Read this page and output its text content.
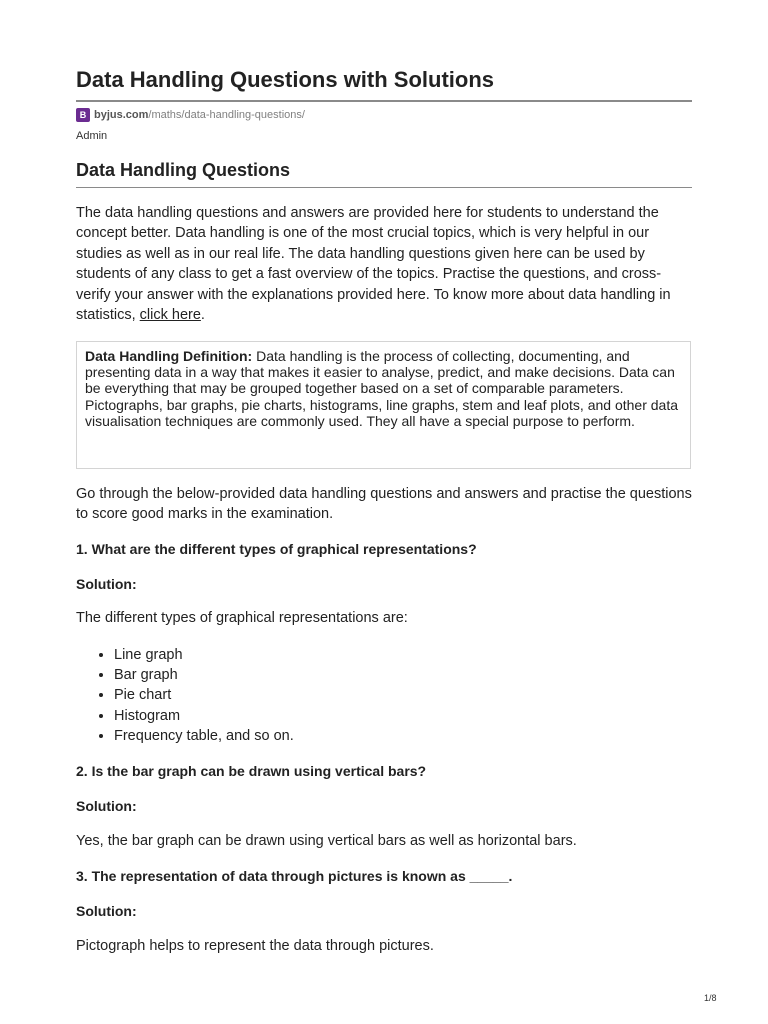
Data Handling Questions with Solutions
B byjus.com /maths/data-handling-questions/
Admin
Data Handling Questions

The data handling questions and answers are provided here for students to understand the concept better. Data handling is one of the most crucial topics, which is very helpful in our studies as well as in our real life. The data handling questions given here can be used by students of any class to get a fast overview of the topics. Practise the questions, and cross-verify your answer with the explanations provided here. To know more about data handling in statistics, click here.

Data Handling Definition: Data handling is the process of collecting, documenting, and presenting data in a way that makes it easier to analyse, predict, and make decisions. Data can be everything that may be grouped together based on a set of comparable parameters. Pictographs, bar graphs, pie charts, histograms, line graphs, stem and leaf plots, and other data visualisation techniques are commonly used. They all have a special purpose to perform.

Go through the below-provided data handling questions and answers and practise the questions to score good marks in the examination.

1. What are the different types of graphical representations?

Solution:

The different types of graphical representations are:

• Line graph
• Bar graph
• Pie chart
• Histogram
• Frequency table, and so on.

2. Is the bar graph can be drawn using vertical bars?

Solution:

Yes, the bar graph can be drawn using vertical bars as well as horizontal bars.

3. The representation of data through pictures is known as _____.

Solution:

Pictograph helps to represent the data through pictures.

1/8
